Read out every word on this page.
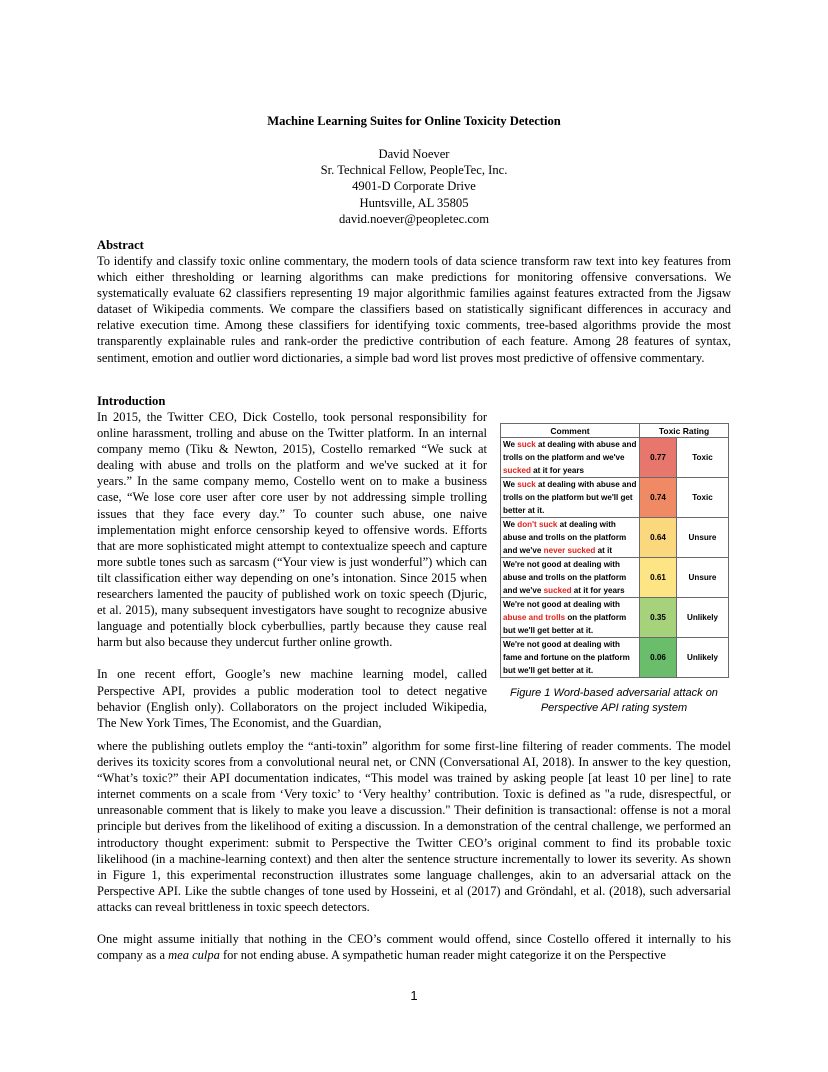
Machine Learning Suites for Online Toxicity Detection
David Noever
Sr. Technical Fellow, PeopleTec, Inc.
4901-D Corporate Drive
Huntsville, AL 35805
david.noever@peopletec.com
Abstract
To identify and classify toxic online commentary, the modern tools of data science transform raw text into key features from which either thresholding or learning algorithms can make predictions for monitoring offensive conversations. We systematically evaluate 62 classifiers representing 19 major algorithmic families against features extracted from the Jigsaw dataset of Wikipedia comments. We compare the classifiers based on statistically significant differences in accuracy and relative execution time. Among these classifiers for identifying toxic comments, tree-based algorithms provide the most transparently explainable rules and rank-order the predictive contribution of each feature. Among 28 features of syntax, sentiment, emotion and outlier word dictionaries, a simple bad word list proves most predictive of offensive commentary.
Introduction

In 2015, the Twitter CEO, Dick Costello, took personal responsibility for online harassment, trolling and abuse on the Twitter platform. In an internal company memo (Tiku & Newton, 2015), Costello remarked “We suck at dealing with abuse and trolls on the platform and we've sucked at it for years.” In the same company memo, Costello went on to make a business case, “We lose core user after core user by not addressing simple trolling issues that they face every day.” To counter such abuse, one naive implementation might enforce censorship keyed to offensive words. Efforts that are more sophisticated might attempt to contextualize speech and capture more subtle tones such as sarcasm (“Your view is just wonderful”) which can tilt classification either way depending on one’s intonation. Since 2015 when researchers lamented the paucity of published work on toxic speech (Djuric, et al. 2015), many subsequent investigators have sought to recognize abusive language and potentially block cyberbullies, partly because they cause real harm but also because they undercut further online growth.

In one recent effort, Google’s new machine learning model, called Perspective API, provides a public moderation tool to detect negative behavior (English only). Collaborators on the project included Wikipedia, The New York Times, The Economist, and the Guardian,

Comment	Toxic Rating	
We suck at dealing with abuse and trolls on the platform and we've sucked at it for years	0.77	Toxic
We suck at dealing with abuse and trolls on the platform but we'll get better at it.	0.74	Toxic
We don't suck at dealing with abuse and trolls on the platform and we've never sucked at it	0.64	Unsure
We're not good at dealing with abuse and trolls on the platform and we've sucked at it for years	0.61	Unsure
We're not good at dealing with abuse and trolls on the platform but we'll get better at it.	0.35	Unlikely
We're not good at dealing with fame and fortune on the platform but we'll get better at it.	0.06	Unlikely
Figure 1 Word-based adversarial attack on
Perspective API rating system

where the publishing outlets employ the “anti-toxin” algorithm for some first-line filtering of reader comments. The model derives its toxicity scores from a convolutional neural net, or CNN (Conversational AI, 2018). In answer to the key question, “What’s toxic?” their API documentation indicates, “This model was trained by asking people [at least 10 per line] to rate internet comments on a scale from ‘Very toxic’ to ‘Very healthy’ contribution. Toxic is defined as "a rude, disrespectful, or unreasonable comment that is likely to make you leave a discussion." Their definition is transactional: offense is not a moral principle but derives from the likelihood of exiting a discussion. In a demonstration of the central challenge, we performed an introductory thought experiment: submit to Perspective the Twitter CEO’s original comment to find its probable toxic likelihood (in a machine-learning context) and then alter the sentence structure incrementally to lower its severity. As shown in Figure 1, this experimental reconstruction illustrates some language challenges, akin to an adversarial attack on the Perspective API. Like the subtle changes of tone used by Hosseini, et al (2017) and Gröndahl, et al. (2018), such adversarial attacks can reveal brittleness in toxic speech detectors.

One might assume initially that nothing in the CEO’s comment would offend, since Costello offered it internally to his company as a mea culpa for not ending abuse. A sympathetic human reader might categorize it on the Perspective

1
